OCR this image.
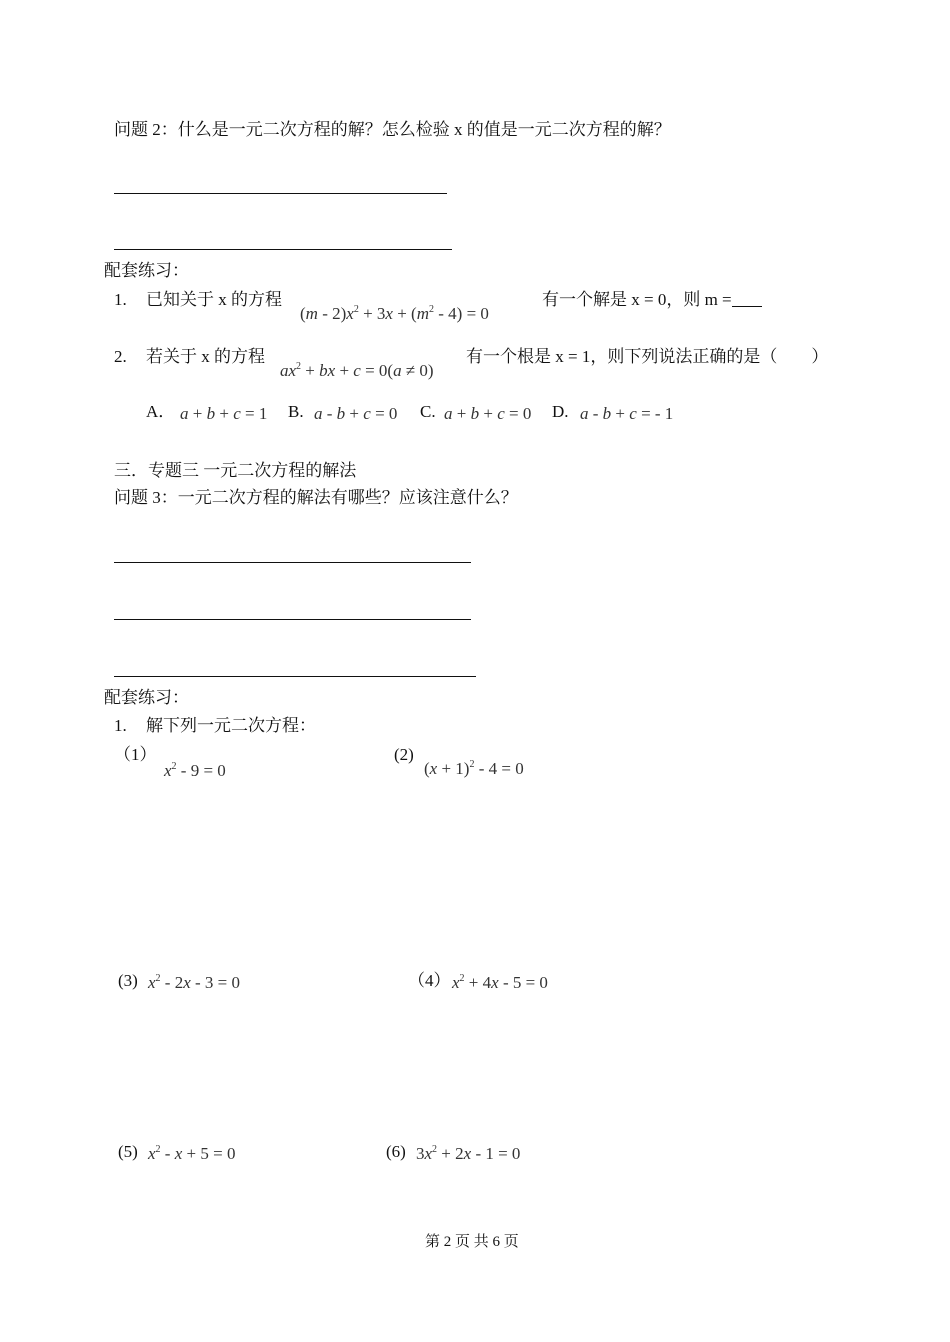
问题 2：什么是一元二次方程的解？怎么检验 x 的值是一元二次方程的解？
配套练习：
1. 已知关于 x 的方程
$(m - 2)x^2 + 3x + (m^2 - 4) = 0$
有一个解是 x = 0，则 m =
2. 若关于 x 的方程
$ax^2$ + bx + c = 0(a ≠ 0)
有一个根是 x = 1，则下列说法正确的是（　　）
A． a + b + c = 1 B. a - b + c = 0 C. a + b + c = 0 D. a - b + c = - 1
三．专题三 一元二次方程的解法
问题 3：一元二次方程的解法有哪些？应该注意什么？
配套练习：
1. 解下列一元二次方程：
（1）
$x^2 - 9 = 0$
(2)
$(x + 1)^2 - 4 = 0$
(3) $x^2 - 2x - 3 = 0$	（4） $x^2 + 4x - 5 = 0$
(5) $x^2 - x + 5 = 0$	(6) $3x^2 + 2x - 1 = 0$
第 2 页 共 6 页
